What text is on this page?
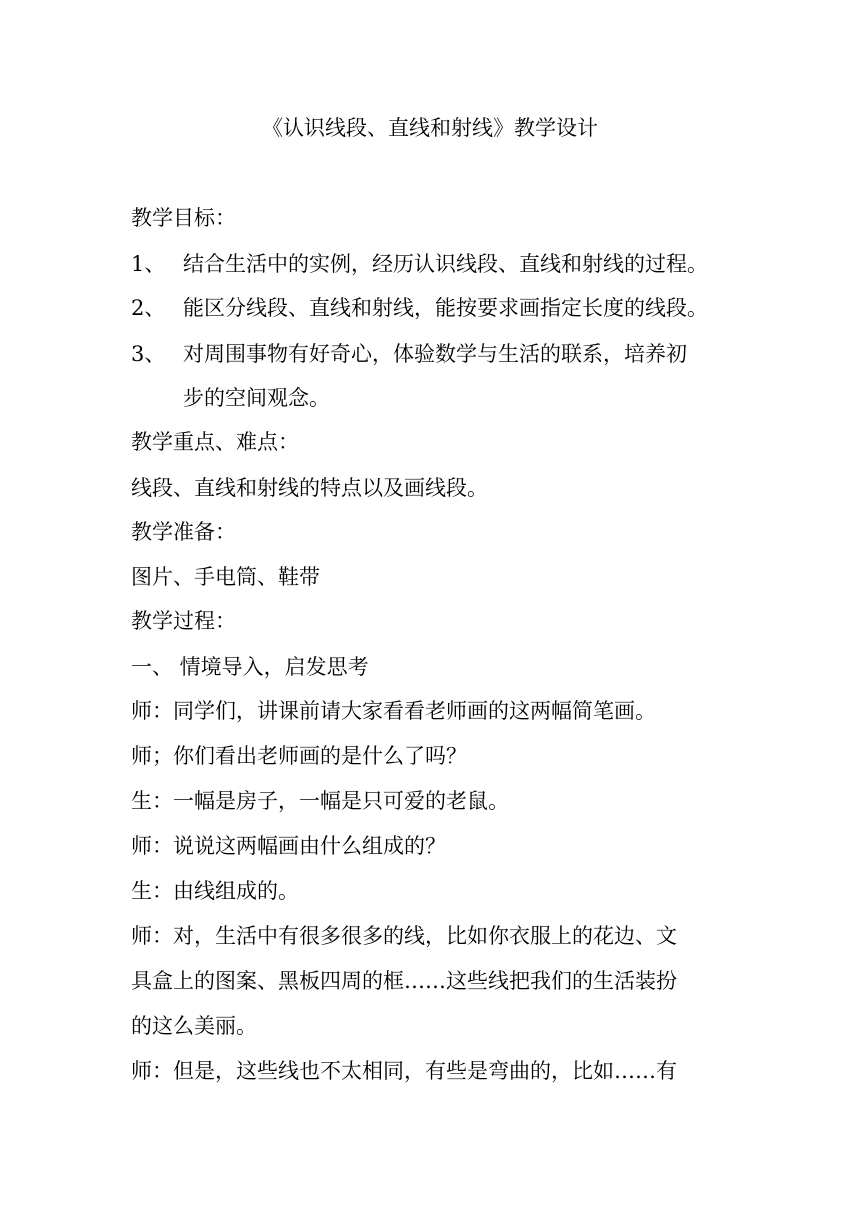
《认识线段、直线和射线》教学设计
教学目标：
1、 结合生活中的实例，经历认识线段、直线和射线的过程。
2、 能区分线段、直线和射线，能按要求画指定长度的线段。
3、 对周围事物有好奇心，体验数学与生活的联系，培养初
步的空间观念。
教学重点、难点：
线段、直线和射线的特点以及画线段。
教学准备：
图片、手电筒、鞋带
教学过程：
一、 情境导入，启发思考
师：同学们，讲课前请大家看看老师画的这两幅简笔画。
师；你们看出老师画的是什么了吗？
生：一幅是房子，一幅是只可爱的老鼠。
师：说说这两幅画由什么组成的？
生：由线组成的。
师：对，生活中有很多很多的线，比如你衣服上的花边、文
具盒上的图案、黑板四周的框……这些线把我们的生活装扮
的这么美丽。
师：但是，这些线也不太相同，有些是弯曲的，比如……有
